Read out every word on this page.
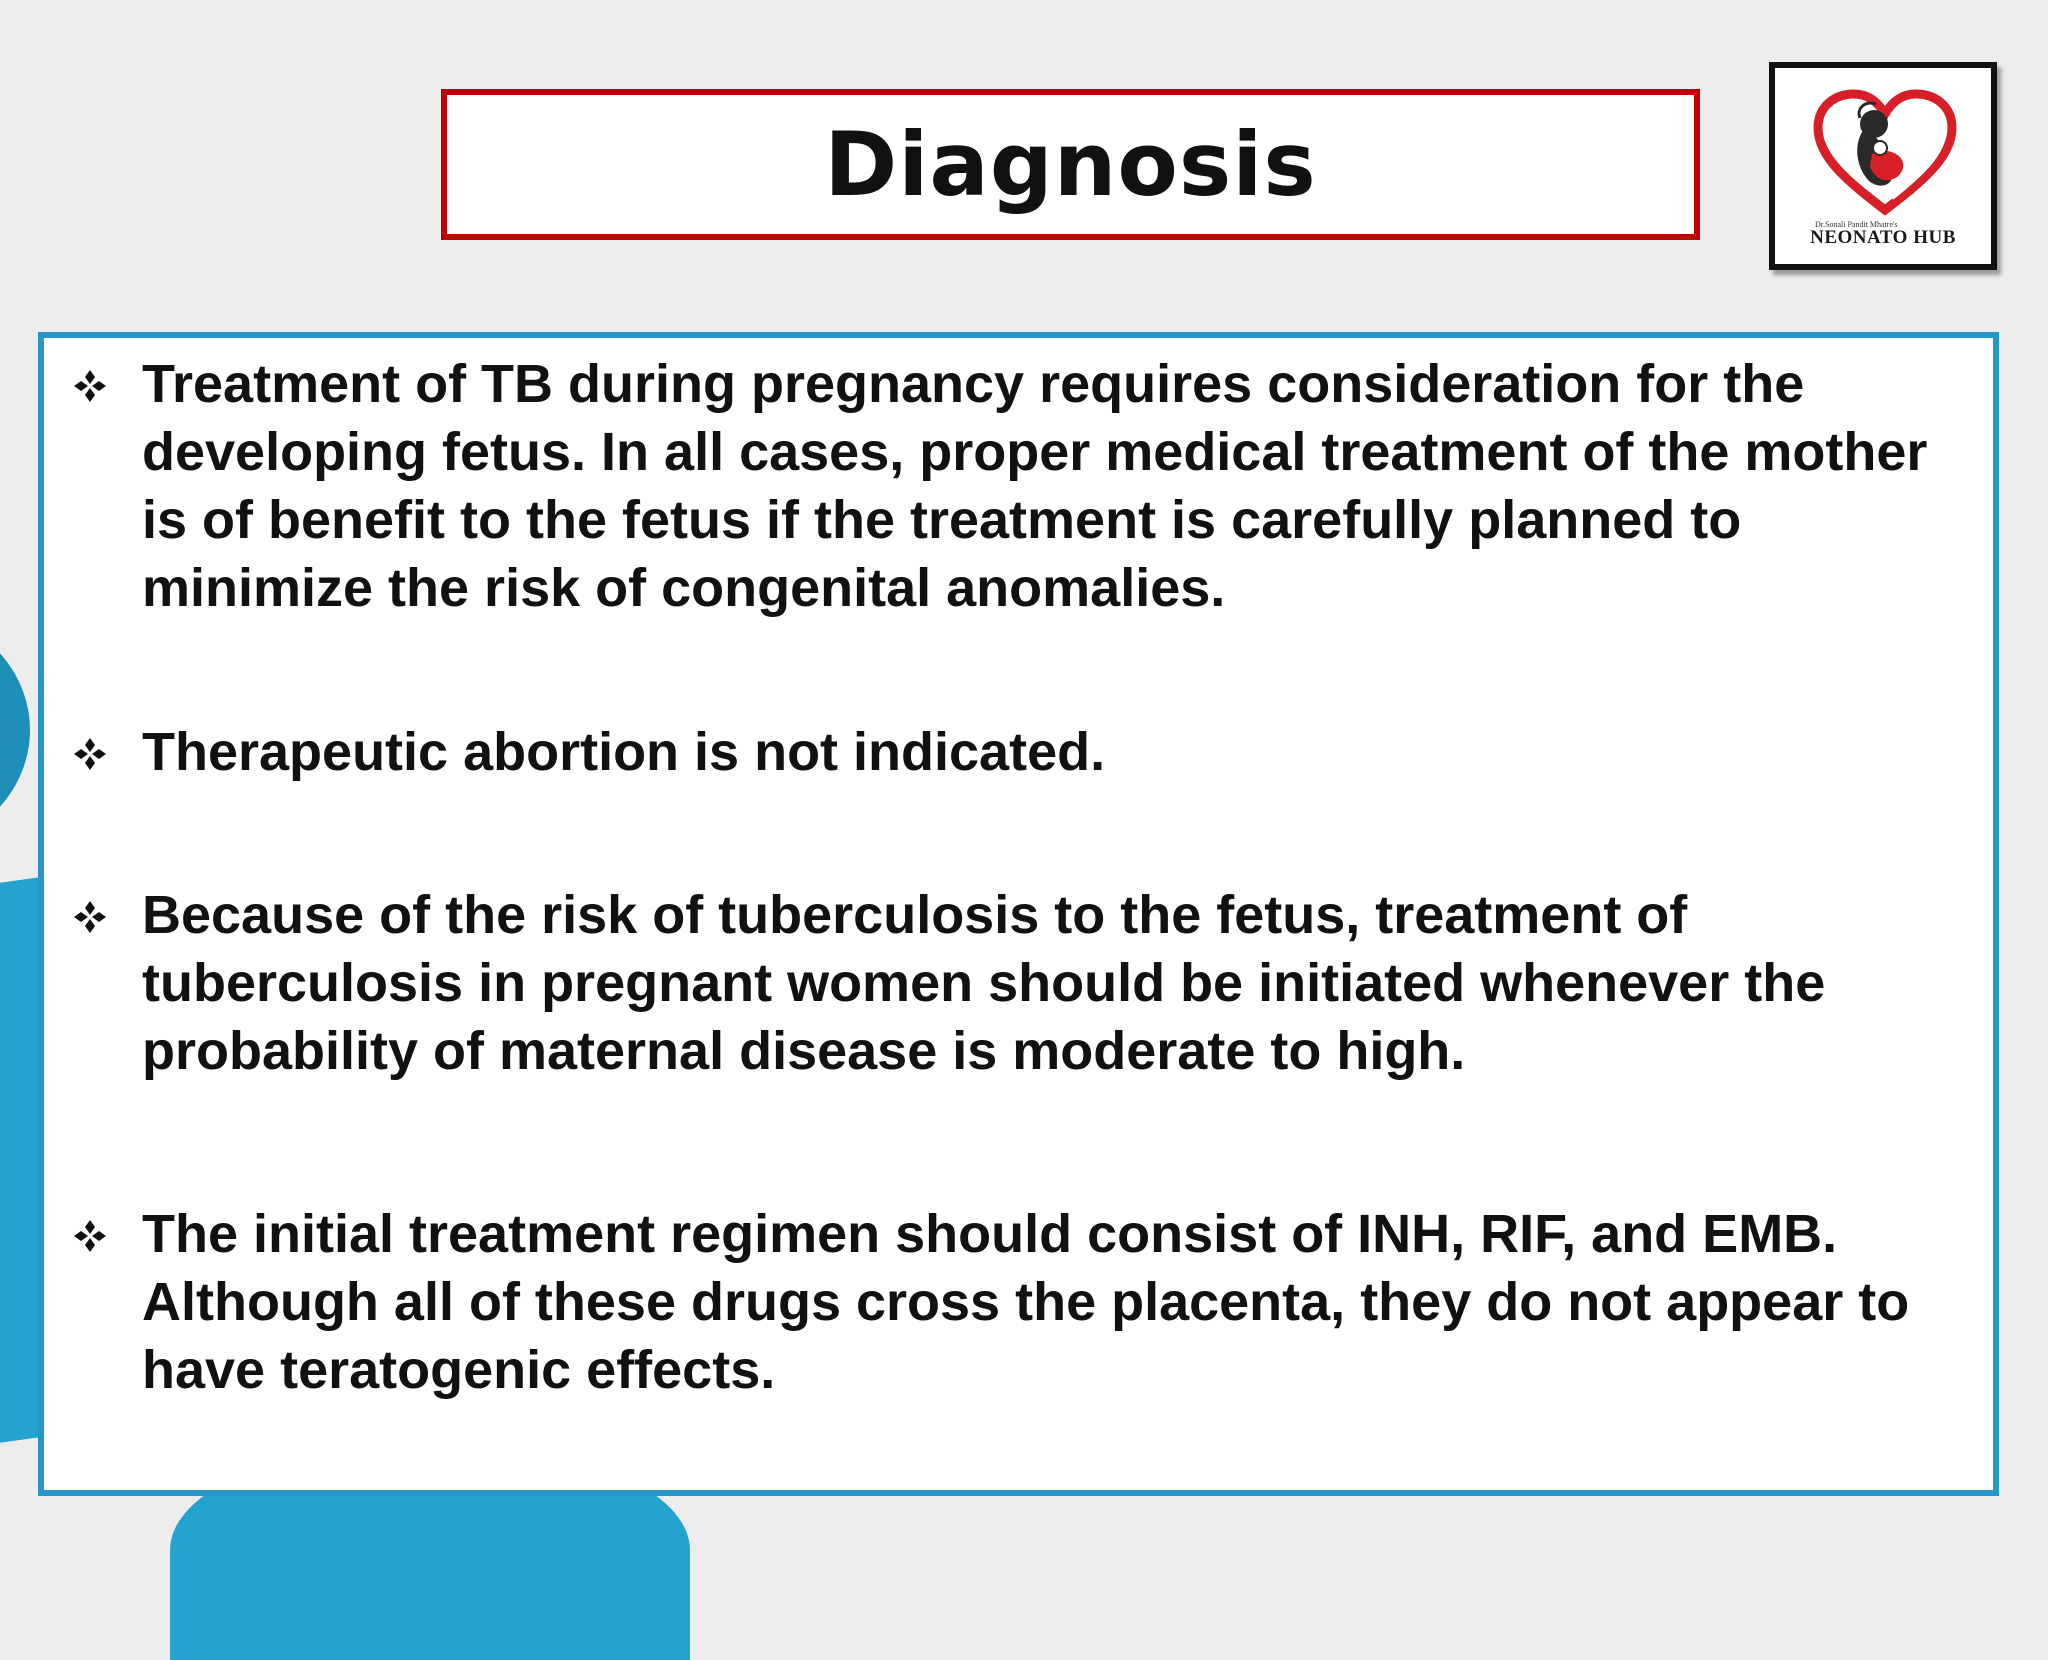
Diagnosis
Dr.Sonali Pandit Mhatre's
NEONATO HUB

Treatment of TB during pregnancy requires consideration for the developing fetus. In all cases, proper medical treatment of the mother is of benefit to the fetus if the treatment is carefully planned to minimize the risk of congenital anomalies.

Therapeutic abortion is not indicated.

Because of the risk of tuberculosis to the fetus, treatment of tuberculosis in pregnant women should be initiated whenever the probability of maternal disease is moderate to high.

The initial treatment regimen should consist of INH, RIF, and EMB. Although all of these drugs cross the placenta, they do not appear to have teratogenic effects.
